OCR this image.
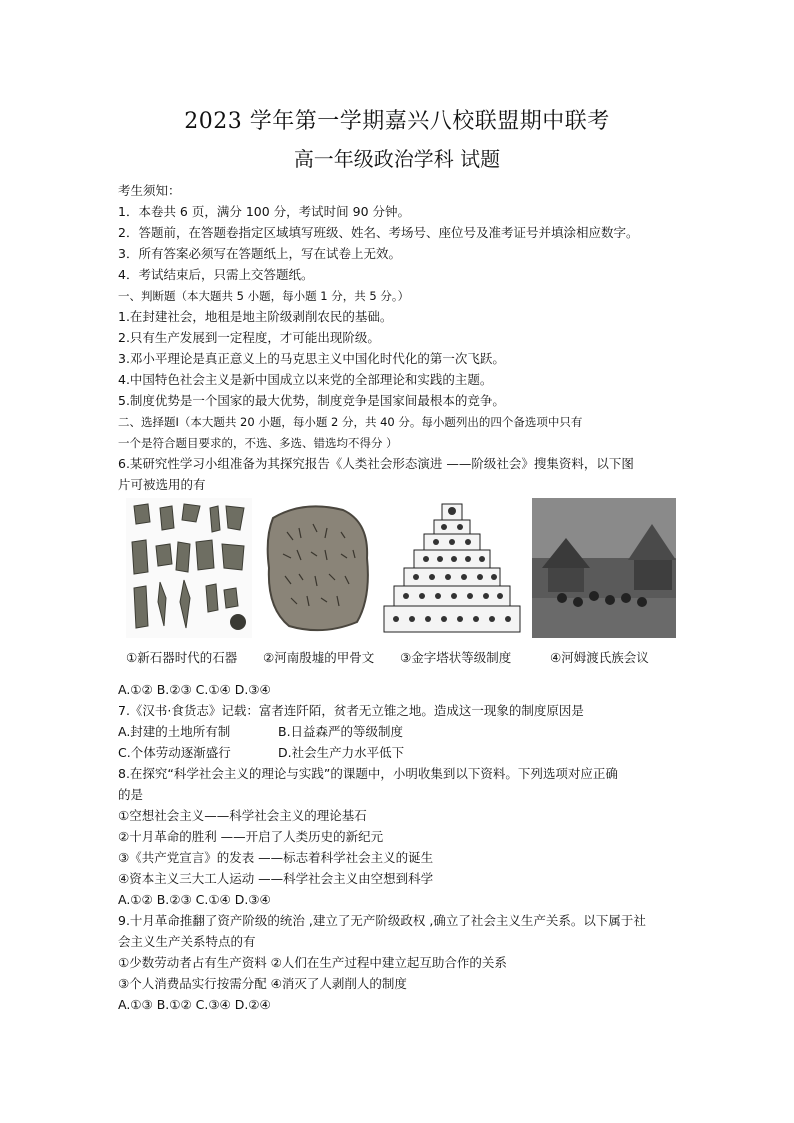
2023 学年第一学期嘉兴八校联盟期中联考
高一年级政治学科 试题
考生须知：
1．本卷共 6 页，满分 100 分，考试时间 90 分钟。
2．答题前，在答题卷指定区域填写班级、姓名、考场号、座位号及准考证号并填涂相应数字。
3．所有答案必须写在答题纸上，写在试卷上无效。
4．考试结束后，只需上交答题纸。
一、判断题（本大题共 5 小题，每小题 1 分，共 5 分。）
1.在封建社会，地租是地主阶级剥削农民的基础。
2.只有生产发展到一定程度，才可能出现阶级。
3.邓小平理论是真正意义上的马克思主义中国化时代化的第一次飞跃。
4.中国特色社会主义是新中国成立以来党的全部理论和实践的主题。
5.制度优势是一个国家的最大优势，制度竞争是国家间最根本的竞争。
二、选择题Ⅰ（本大题共 20 小题，每小题 2 分，共 40 分。每小题列出的四个备选项中只有
一个是符合题目要求的，不选、多选、错选均不得分 ）
6.某研究性学习小组准备为其探究报告《人类社会形态演进 ——阶级社会》搜集资料，以下图
片可被选用的有
①新石器时代的石器 ②河南殷墟的甲骨文 ③金字塔状等级制度	④河姆渡氏族会议
A.①② B.②③ C.①④ D.③④
7.《汉书·食货志》记载：富者连阡陌，贫者无立锥之地。造成这一现象的制度原因是
A.封建的土地所有制	B.日益森严的等级制度
C.个体劳动逐渐盛行	D.社会生产力水平低下
8.在探究“科学社会主义的理论与实践”的课题中，小明收集到以下资料。下列选项对应正确
的是
①空想社会主义——科学社会主义的理论基石
②十月革命的胜利 ——开启了人类历史的新纪元
③《共产党宣言》的发表 ——标志着科学社会主义的诞生
④资本主义三大工人运动 ——科学社会主义由空想到科学
A.①② B.②③ C.①④ D.③④
9.十月革命推翻了资产阶级的统治 ,建立了无产阶级政权 ,确立了社会主义生产关系。以下属于社
会主义生产关系特点的有
①少数劳动者占有生产资料 ②人们在生产过程中建立起互助合作的关系
③个人消费品实行按需分配 ④消灭了人剥削人的制度
A.①③ B.①② C.③④ D.②④
